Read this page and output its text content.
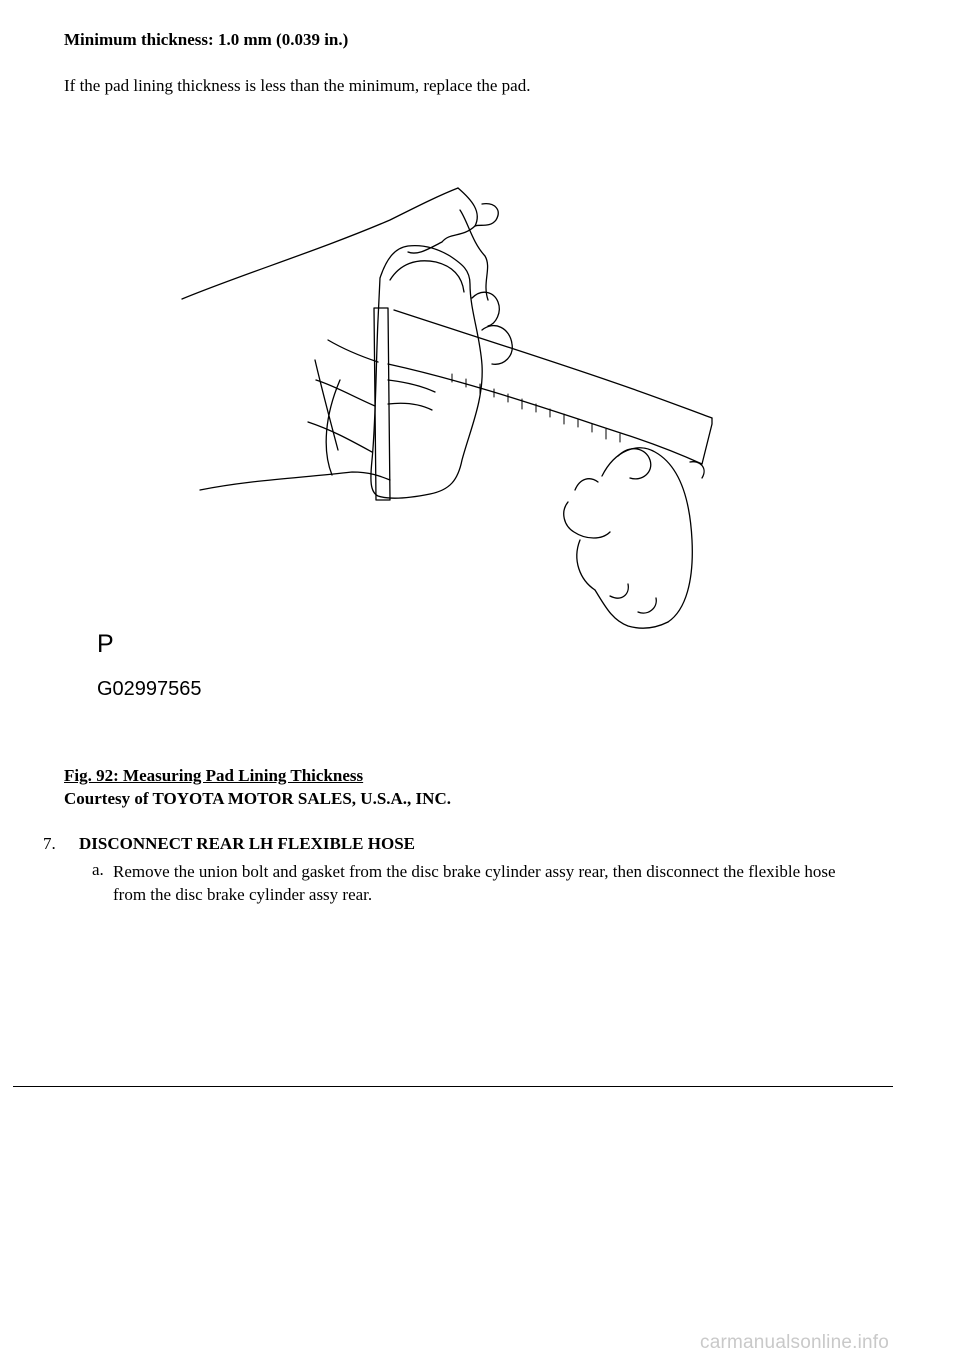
Minimum thickness: 1.0 mm (0.039 in.)
If the pad lining thickness is less than the minimum, replace the pad.
P
G02997565
Fig. 92: Measuring Pad Lining Thickness
Courtesy of TOYOTA MOTOR SALES, U.S.A., INC.
7. DISCONNECT REAR LH FLEXIBLE HOSE
a. Remove the union bolt and gasket from the disc brake cylinder assy rear, then disconnect the flexible hose from the disc brake cylinder assy rear.
carmanualsonline.info
